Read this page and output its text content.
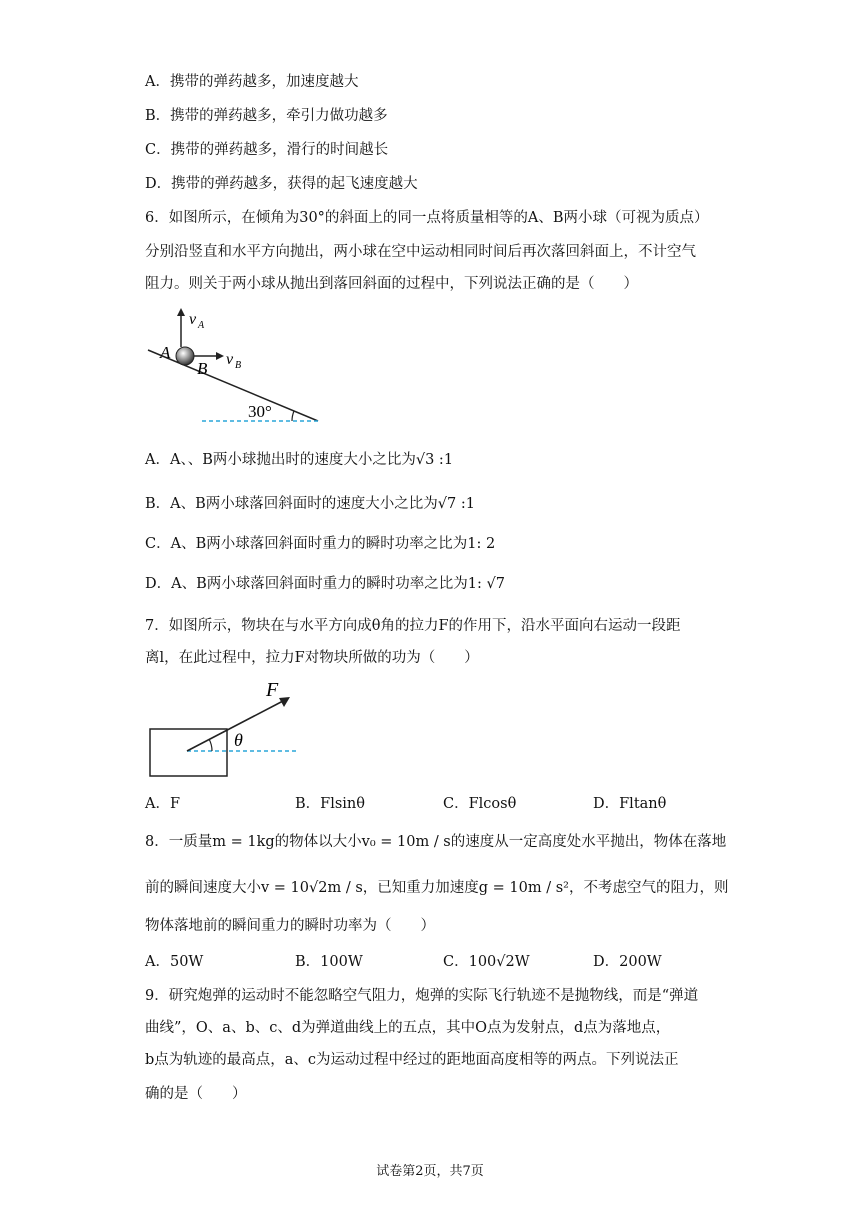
A．携带的弹药越多，加速度越大
B．携带的弹药越多，牵引力做功越多
C．携带的弹药越多，滑行的时间越长
D．携带的弹药越多，获得的起飞速度越大
6．如图所示，在倾角为30°的斜面上的同一点将质量相等的A、B两小球（可视为质点）
分别沿竖直和水平方向抛出，两小球在空中运动相同时间后再次落回斜面上，不计空气
阻力。则关于两小球从抛出到落回斜面的过程中，下列说法正确的是（　　）
v A
v B
A
B
30°
A．A、、B两小球抛出时的速度大小之比为√3 :1
B．A、B两小球落回斜面时的速度大小之比为√7 :1
C．A、B两小球落回斜面时重力的瞬时功率之比为1: 2
D．A、B两小球落回斜面时重力的瞬时功率之比为1: √7
7．如图所示，物块在与水平方向成θ角的拉力F的作用下，沿水平面向右运动一段距
离l，在此过程中，拉力F对物块所做的功为（　　）
F
θ
A．F	B．Flsinθ	C．Flcosθ	D．Fltanθ
8．一质量m = 1kg的物体以大小v₀ = 10m / s的速度从一定高度处水平抛出，物体在落地
前的瞬间速度大小v = 10√2m / s，已知重力加速度g = 10m / s²，不考虑空气的阻力，则
物体落地前的瞬间重力的瞬时功率为（　　）
A．50W	B．100W	C．100√2W	D．200W
9．研究炮弹的运动时不能忽略空气阻力，炮弹的实际飞行轨迹不是抛物线，而是“弹道
曲线”，O、a、b、c、d为弹道曲线上的五点，其中O点为发射点，d点为落地点，
b点为轨迹的最高点，a、c为运动过程中经过的距地面高度相等的两点。下列说法正
确的是（　　）
试卷第2页，共7页
